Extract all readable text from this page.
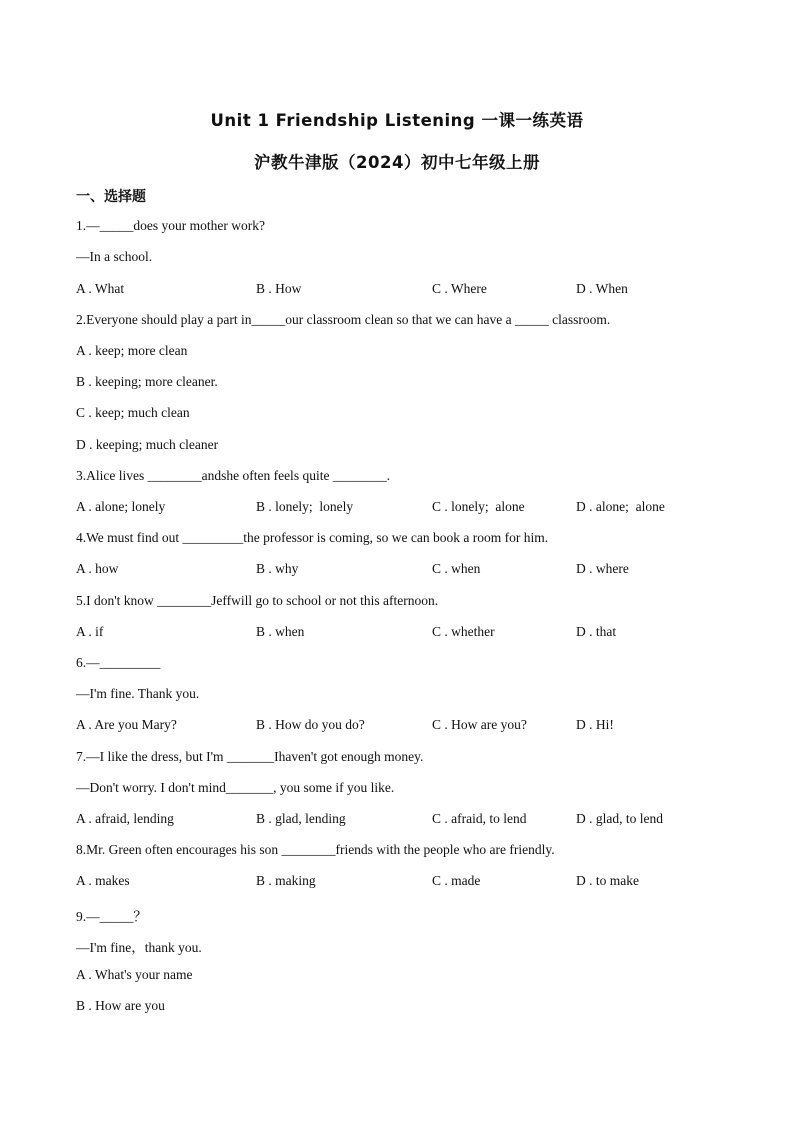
Unit 1 Friendship Listening 一课一练英语
沪教牛津版（2024）初中七年级上册
一、选择题
1.—_____does your mother work?
—In a school.
A . What	B . How	C . Where	D . When
2.Everyone should play a part in_____our classroom clean so that we can have a _____ classroom.
A . keep; more clean
B . keeping; more cleaner.
C . keep; much clean
D . keeping; much cleaner
3.Alice lives ________andshe often feels quite ________.
A . alone; lonely	B . lonely;  lonely	C . lonely;  alone	D . alone;  alone
4.We must find out _________the professor is coming, so we can book a room for him.
A . how	B . why	C . when	D . where
5.I don't know ________Jeffwill go to school or not this afternoon.
A . if	B . when	C . whether	D . that
6.—_________
—I'm fine. Thank you.
A . Are you Mary?	B . How do you do?	C . How are you?	D . Hi!
7.—I like the dress, but I'm _______Ihaven't got enough money.
—Don't worry. I don't mind_______, you some if you like.
A . afraid, lending	B . glad, lending	C . afraid, to lend	D . glad, to lend
8.Mr. Green often encourages his son ________friends with the people who are friendly.
A . makes	B . making	C . made	D . to make
9.—_____？
—I'm fine，thank you.
A . What's your name
B . How are you
